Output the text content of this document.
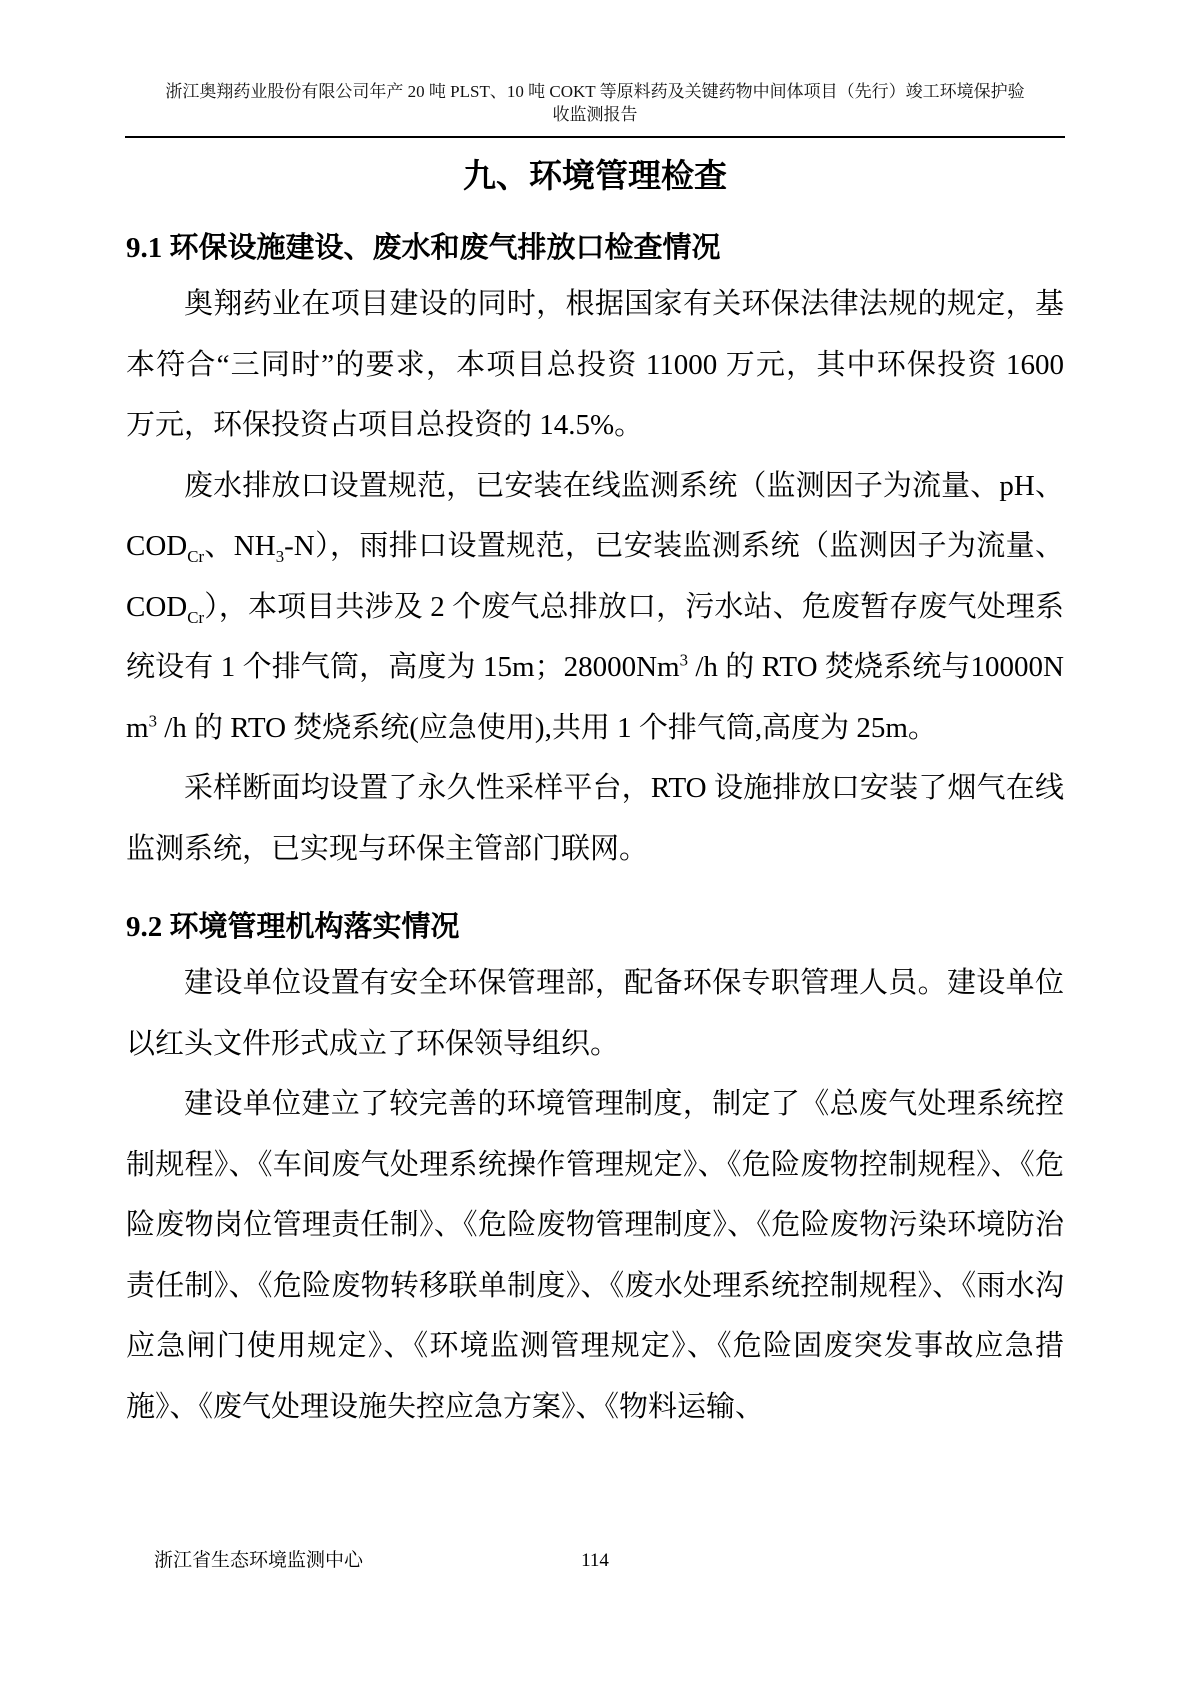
浙江奥翔药业股份有限公司年产 20 吨 PLST、10 吨 COKT 等原料药及关键药物中间体项目（先行）竣工环境保护验
收监测报告
九、环境管理检查
9.1 环保设施建设、废水和废气排放口检查情况

奥翔药业在项目建设的同时，根据国家有关环保法律法规的规定，基本符合“三同时”的要求，本项目总投资 11000 万元，其中环保投资 1600 万元，环保投资占项目总投资的 14.5%。

废水排放口设置规范，已安装在线监测系统（监测因子为流量、pH、$COD_{Cr}$、$NH_3-N$），雨排口设置规范，已安装监测系统（监测因子为流量、$COD_{Cr}$），本项目共涉及 2 个废气总排放口，污水站、危废暂存废气处理系统设有 1 个排气筒，高度为 15m；28000Nm$^3$ /h 的 RTO 焚烧系统与10000Nm$^3$ /h 的 RTO 焚烧系统(应急使用),共用 1 个排气筒,高度为 25m。

采样断面均设置了永久性采样平台，RTO 设施排放口安装了烟气在线监测系统，已实现与环保主管部门联网。

9.2 环境管理机构落实情况

建设单位设置有安全环保管理部，配备环保专职管理人员。建设单位以红头文件形式成立了环保领导组织。

建设单位建立了较完善的环境管理制度，制定了《总废气处理系统控制规程》、《车间废气处理系统操作管理规定》、《危险废物控制规程》、《危险废物岗位管理责任制》、《危险废物管理制度》、《危险废物污染环境防治责任制》、《危险废物转移联单制度》、《废水处理系统控制规程》、《雨水沟应急闸门使用规定》、《环境监测管理规定》、《危险固废突发事故应急措施》、《废气处理设施失控应急方案》、《物料运输、

浙江省生态环境监测中心	114
